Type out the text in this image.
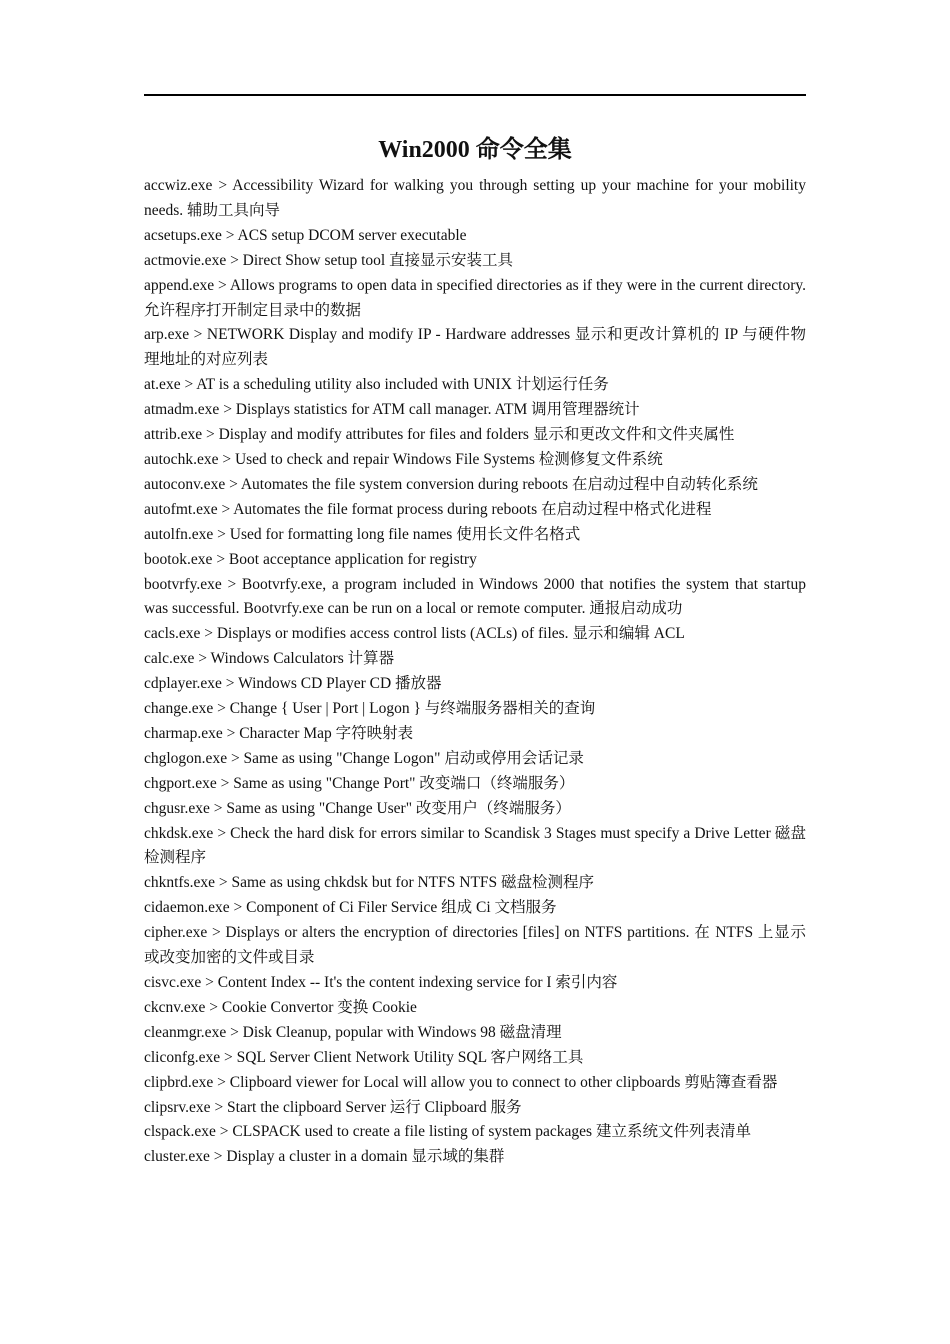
Win2000 命令全集
accwiz.exe > Accessibility Wizard for walking you through setting up your machine for your mobility needs. 辅助工具向导
acsetups.exe > ACS setup DCOM server executable
actmovie.exe > Direct Show setup tool 直接显示安装工具
append.exe > Allows programs to open data in specified directories as if they were in the current directory. 允许程序打开制定目录中的数据
arp.exe > NETWORK Display and modify IP - Hardware addresses 显示和更改计算机的 IP 与硬件物理地址的对应列表
at.exe > AT is a scheduling utility also included with UNIX 计划运行任务
atmadm.exe > Displays statistics for ATM call manager. ATM 调用管理器统计
attrib.exe > Display and modify attributes for files and folders 显示和更改文件和文件夹属性
autochk.exe > Used to check and repair Windows File Systems 检测修复文件系统
autoconv.exe > Automates the file system conversion during reboots 在启动过程中自动转化系统
autofmt.exe > Automates the file format process during reboots 在启动过程中格式化进程
autolfn.exe > Used for formatting long file names 使用长文件名格式
bootok.exe > Boot acceptance application for registry
bootvrfy.exe > Bootvrfy.exe, a program included in Windows 2000 that notifies the system that startup was successful. Bootvrfy.exe can be run on a local or remote computer. 通报启动成功
cacls.exe > Displays or modifies access control lists (ACLs) of files. 显示和编辑 ACL
calc.exe > Windows Calculators 计算器
cdplayer.exe > Windows CD Player CD 播放器
change.exe > Change { User | Port | Logon } 与终端服务器相关的查询
charmap.exe > Character Map 字符映射表
chglogon.exe > Same as using "Change Logon" 启动或停用会话记录
chgport.exe > Same as using "Change Port" 改变端口（终端服务）
chgusr.exe > Same as using "Change User" 改变用户（终端服务）
chkdsk.exe > Check the hard disk for errors similar to Scandisk 3 Stages must specify a Drive Letter 磁盘检测程序
chkntfs.exe > Same as using chkdsk but for NTFS NTFS 磁盘检测程序
cidaemon.exe > Component of Ci Filer Service 组成 Ci 文档服务
cipher.exe > Displays or alters the encryption of directories [files] on NTFS partitions. 在 NTFS 上显示或改变加密的文件或目录
cisvc.exe > Content Index -- It's the content indexing service for I 索引内容
ckcnv.exe > Cookie Convertor 变换 Cookie
cleanmgr.exe > Disk Cleanup, popular with Windows 98 磁盘清理
cliconfg.exe > SQL Server Client Network Utility SQL 客户网络工具
clipbrd.exe > Clipboard viewer for Local will allow you to connect to other clipboards 剪贴簿查看器
clipsrv.exe > Start the clipboard Server 运行 Clipboard 服务
clspack.exe > CLSPACK used to create a file listing of system packages 建立系统文件列表清单
cluster.exe > Display a cluster in a domain 显示域的集群
